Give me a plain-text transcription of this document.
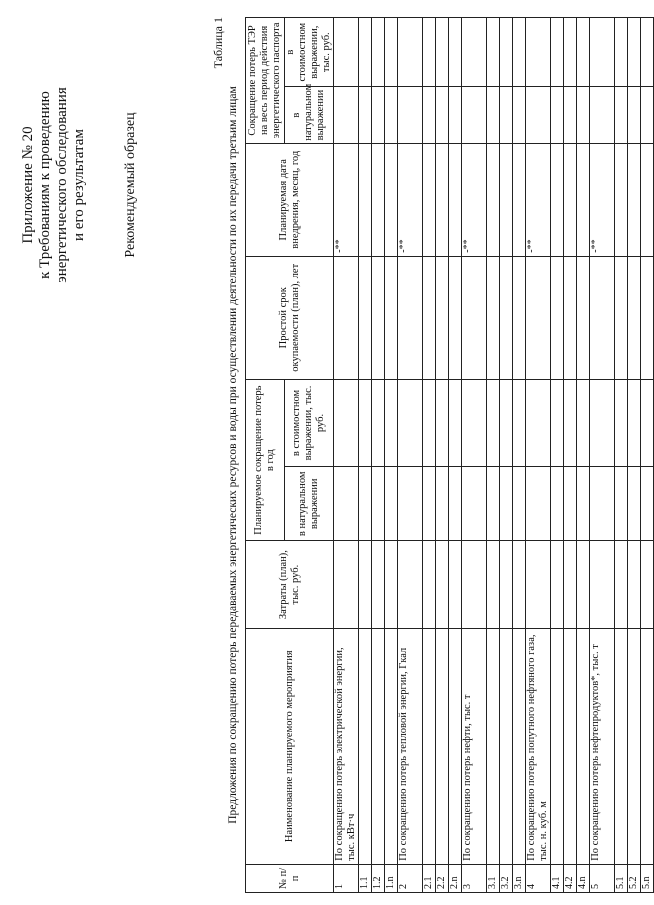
Приложение № 20 к Требованиям к проведению энергетического обследования и его результатам	Рекомендуемый образец
Таблица 1
Предложения по сокращению потерь передаваемых энергетических ресурсов и воды при осуществлении деятельности по их передачи третьим лицам
№ п/п	Наименование планируемого мероприятия	Затраты (план), тыс. руб.	Планируемое сокращение потерь в год		Простой срок окупаемости (план), лет	Планируемая дата внедрения, месяц, год	Сокращение потерь ТЭР на весь период действия энергетического паспорта	
			в натуральном выражении	в стоимостном выражении, тыс. руб.			в натуральном выражении	в стоимостном выражении, тыс. руб.
1	По сокращению потерь электрической энергии, тыс. кВт·ч					-**		
1.1								
1.2								
1.n								
2	По сокращению потерь тепловой энергии, Гкал					-**		
2.1								
2.2								
2.n								
3	По сокращению потерь нефти, тыс. т					-**		
3.1								
3.2								
3.n								
4	По сокращению потерь попутного нефтяного газа, тыс. н. куб. м					-**		
4.1								
4.2								
4.n								
5	По сокращению потерь нефтепродуктов*, тыс. т					-**		
5.1								
5.2								
5.n								
